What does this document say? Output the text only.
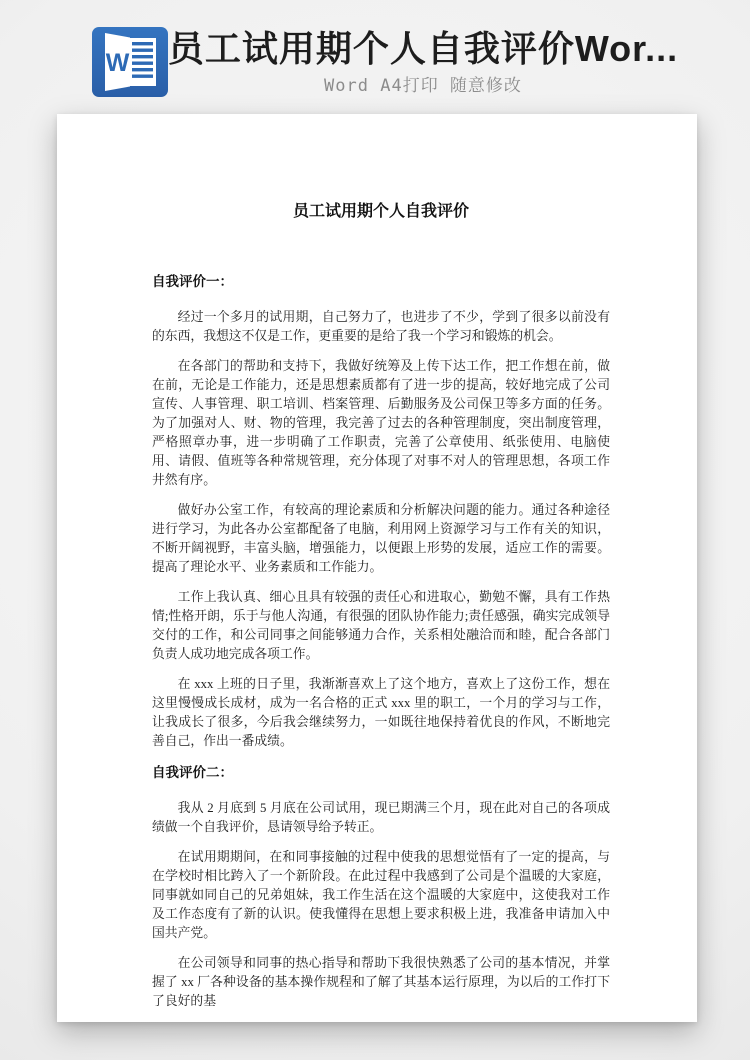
W 员工试用期个人自我评价Wor...
Word A4打印 随意修改
员工试用期个人自我评价
自我评价一：

经过一个多月的试用期，自己努力了，也进步了不少，学到了很多以前没有的东西，我想这不仅是工作，更重要的是给了我一个学习和锻炼的机会。

在各部门的帮助和支持下，我做好统筹及上传下达工作，把工作想在前，做在前，无论是工作能力，还是思想素质都有了进一步的提高，较好地完成了公司宣传、人事管理、职工培训、档案管理、后勤服务及公司保卫等多方面的任务。为了加强对人、财、物的管理，我完善了过去的各种管理制度，突出制度管理，严格照章办事，进一步明确了工作职责，完善了公章使用、纸张使用、电脑使用、请假、值班等各种常规管理，充分体现了对事不对人的管理思想，各项工作井然有序。

做好办公室工作，有较高的理论素质和分析解决问题的能力。通过各种途径进行学习，为此各办公室都配备了电脑，利用网上资源学习与工作有关的知识，不断开阔视野，丰富头脑，增强能力，以便跟上形势的发展，适应工作的需要。提高了理论水平、业务素质和工作能力。

工作上我认真、细心且具有较强的责任心和进取心，勤勉不懈，具有工作热情;性格开朗，乐于与他人沟通，有很强的团队协作能力;责任感强，确实完成领导交付的工作，和公司同事之间能够通力合作，关系相处融洽而和睦，配合各部门负责人成功地完成各项工作。

在 xxx 上班的日子里，我渐渐喜欢上了这个地方，喜欢上了这份工作，想在这里慢慢成长成材，成为一名合格的正式 xxx 里的职工，一个月的学习与工作，让我成长了很多，今后我会继续努力，一如既往地保持着优良的作风，不断地完善自己，作出一番成绩。

自我评价二：

我从 2 月底到 5 月底在公司试用，现已期满三个月，现在此对自己的各项成绩做一个自我评价，恳请领导给予转正。

在试用期期间，在和同事接触的过程中使我的思想觉悟有了一定的提高，与在学校时相比跨入了一个新阶段。在此过程中我感到了公司是个温暖的大家庭，同事就如同自己的兄弟姐妹，我工作生活在这个温暖的大家庭中，这使我对工作及工作态度有了新的认识。使我懂得在思想上要求积极上进，我准备申请加入中国共产党。

在公司领导和同事的热心指导和帮助下我很快熟悉了公司的基本情况，并掌握了 xx 厂各种设备的基本操作规程和了解了其基本运行原理，为以后的工作打下了良好的基
